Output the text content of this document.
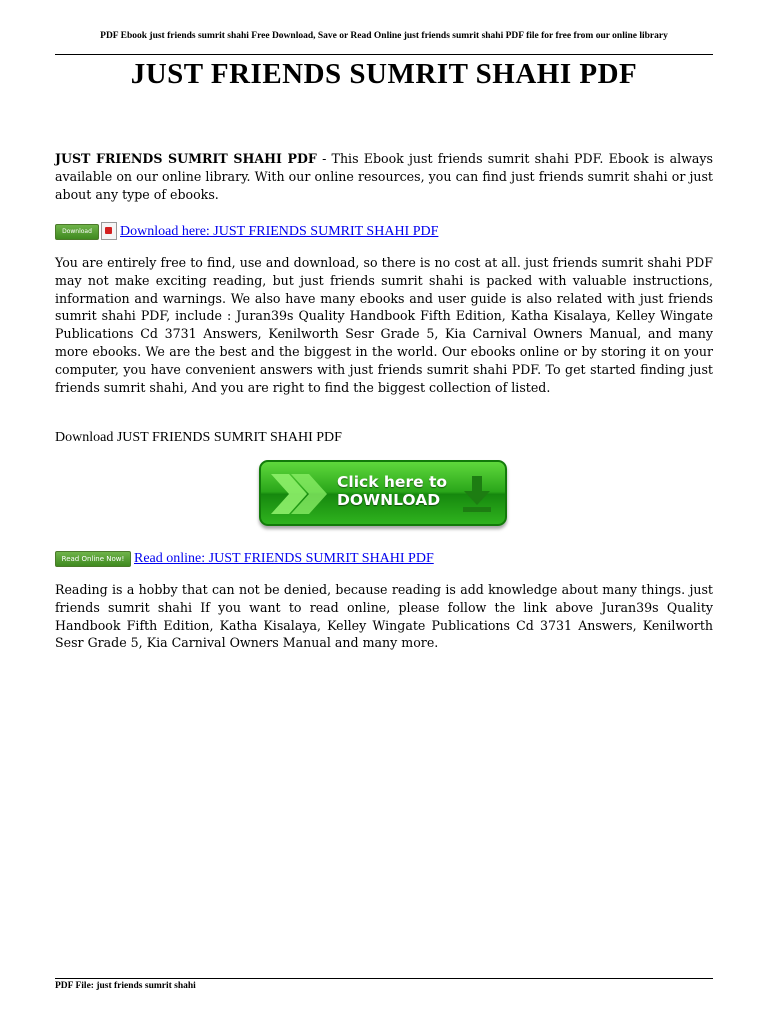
PDF Ebook just friends sumrit shahi Free Download, Save or Read Online just friends sumrit shahi PDF file for free from our online library
JUST FRIENDS SUMRIT SHAHI PDF

JUST FRIENDS SUMRIT SHAHI PDF - This Ebook just friends sumrit shahi PDF. Ebook is always available on our online library. With our online resources, you can find just friends sumrit shahi or just about any type of ebooks.

Download	Download here: JUST FRIENDS SUMRIT SHAHI PDF

You are entirely free to find, use and download, so there is no cost at all. just friends sumrit shahi PDF may not make exciting reading, but just friends sumrit shahi is packed with valuable instructions, information and warnings. We also have many ebooks and user guide is also related with just friends sumrit shahi PDF, include : Juran39s Quality Handbook Fifth Edition, Katha Kisalaya, Kelley Wingate Publications Cd 3731 Answers, Kenilworth Sesr Grade 5, Kia Carnival Owners Manual, and many more ebooks. We are the best and the biggest in the world. Our ebooks online or by storing it on your computer, you have convenient answers with just friends sumrit shahi PDF. To get started finding just friends sumrit shahi, And you are right to find the biggest collection of listed.

Download JUST FRIENDS SUMRIT SHAHI PDF
Click here to
DOWNLOAD
Read Online Now! Read online: JUST FRIENDS SUMRIT SHAHI PDF

Reading is a hobby that can not be denied, because reading is add knowledge about many things. just friends sumrit shahi If you want to read online, please follow the link above Juran39s Quality Handbook Fifth Edition, Katha Kisalaya, Kelley Wingate Publications Cd 3731 Answers, Kenilworth Sesr Grade 5, Kia Carnival Owners Manual and many more.

PDF File: just friends sumrit shahi
